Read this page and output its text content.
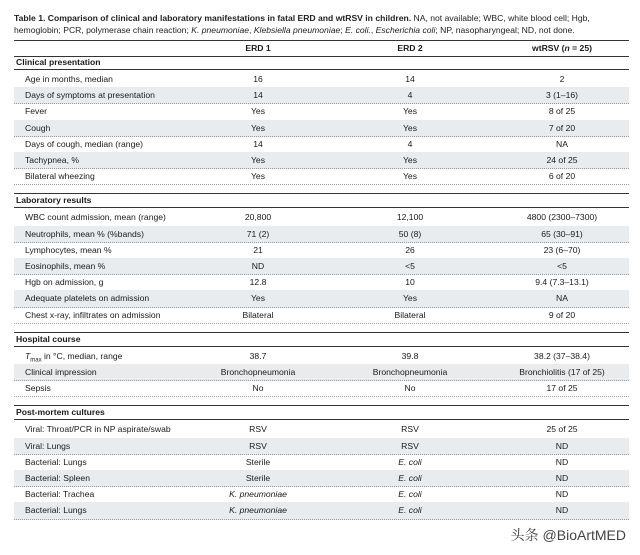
Table 1. Comparison of clinical and laboratory manifestations in fatal ERD and wtRSV in children. NA, not available; WBC, white blood cell; Hgb, hemoglobin; PCR, polymerase chain reaction; K. pneumoniae, Klebsiella pneumoniae; E. coli., Escherichia coli; NP, nasopharyngeal; ND, not done.
ERD 1	ERD 2	wtRSV (n = 25)
Clinical presentation
Age in months, median	16	14	2
Days of symptoms at presentation	14	4	3 (1–16)
Fever	Yes	Yes	8 of 25
Cough	Yes	Yes	7 of 20
Days of cough, median (range)	14	4	NA
Tachypnea, %	Yes	Yes	24 of 25
Bilateral wheezing	Yes	Yes	6 of 20
Laboratory results
WBC count admission, mean (range)	20,800	12,100	4800 (2300–7300)
Neutrophils, mean % (%bands)	71 (2)	50 (8)	65 (30–91)
Lymphocytes, mean %	21	26	23 (6–70)
Eosinophils, mean %	ND	<5	<5
Hgb on admission, g	12.8	10	9.4 (7.3–13.1)
Adequate platelets on admission	Yes	Yes	NA
Chest x-ray, infiltrates on admission	Bilateral	Bilateral	9 of 20
Hospital course
$T_{max}$ in °C, median, range	38.7	39.8	38.2 (37–38.4)
Clinical impression	Bronchopneumonia	Bronchopneumonia	Bronchiolitis (17 of 25)
Sepsis	No	No	17 of 25
Post-mortem cultures
Viral: Throat/PCR in NP aspirate/swab	RSV	RSV	25 of 25
Viral: Lungs	RSV	RSV	ND
Bacterial: Lungs	Sterile	E. coli	ND
Bacterial: Spleen	Sterile	E. coli	ND
Bacterial: Trachea	K. pneumoniae	E. coli	ND
Bacterial: Lungs	K. pneumoniae	E. coli	ND
头条 @BioArtMED
